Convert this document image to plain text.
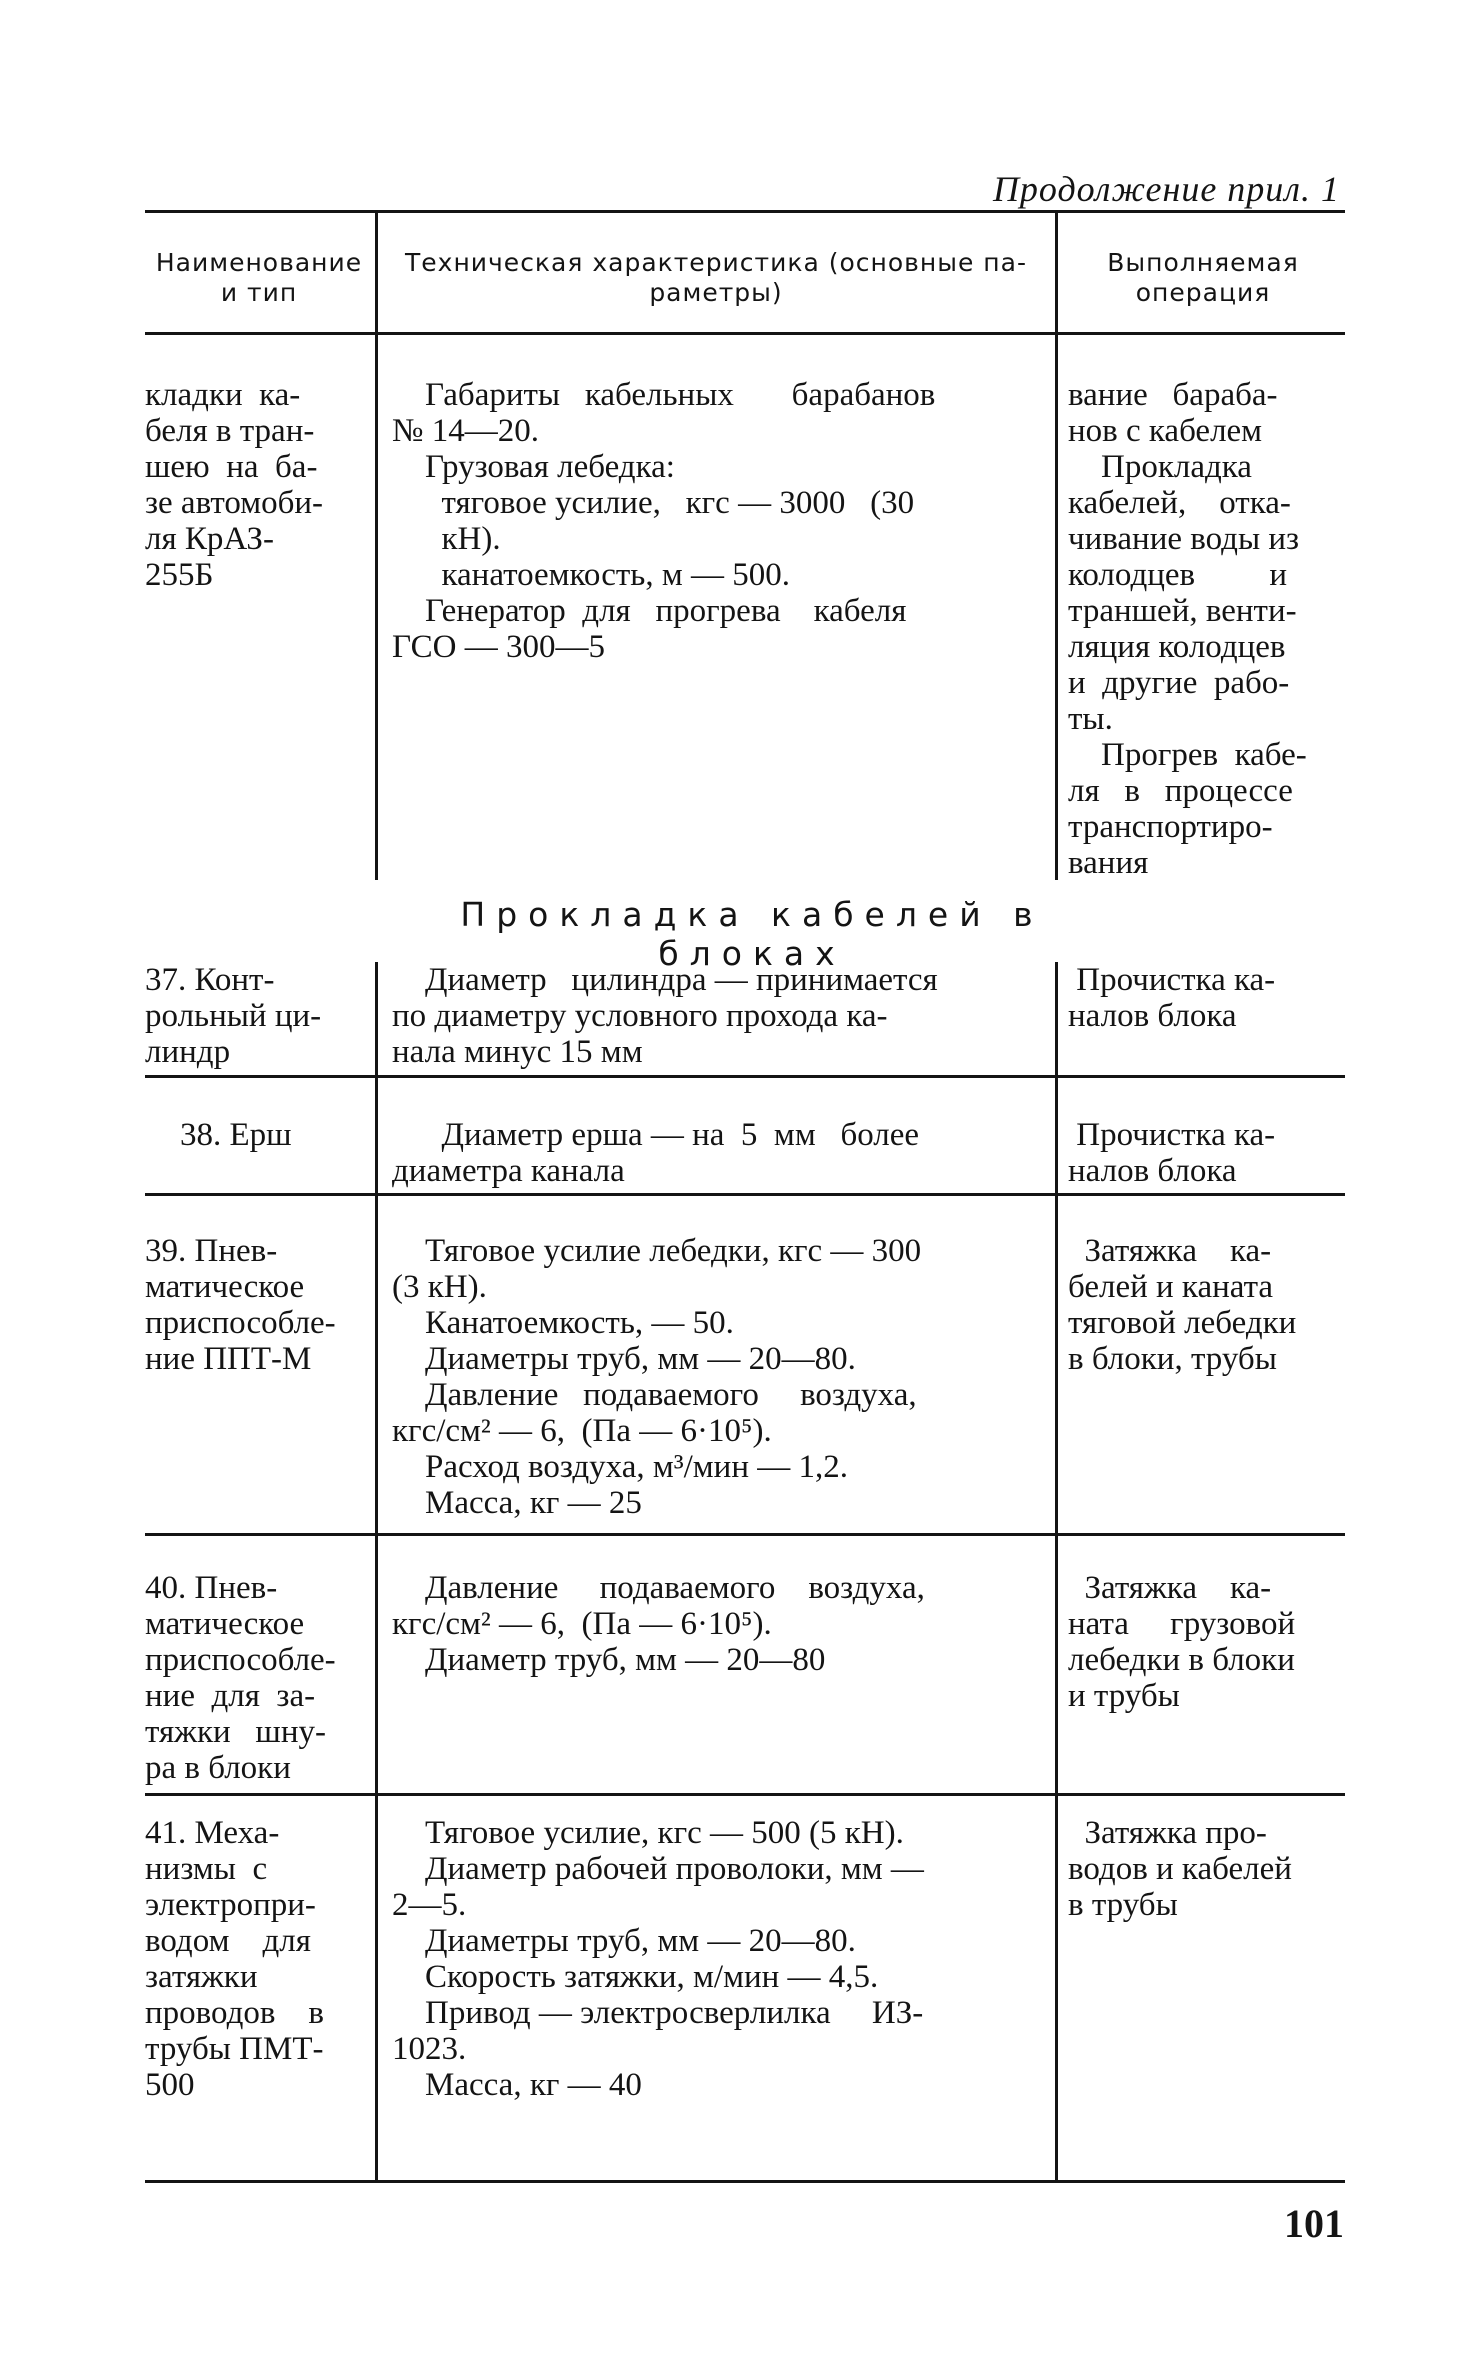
Продолжение прил. 1
Наименование
и тип
Техническая характеристика (основные па-
раметры)
Выполняемая
операция
кладки  ка-
беля в тран-
шею  на  ба-
зе автомоби-
ля КрАЗ-
255Б
Габариты   кабельных       барабанов
№ 14—20.
Грузовая лебедка:
тяговое усилие,   кгс — 3000   (30
кН).
канатоемкость, м — 500.
Генератор  для   прогрева    кабеля
ГСО — 300—5
вание   бараба-
нов с кабелем
Прокладка
кабелей,    отка-
чивание воды из
колодцев         и
траншей, венти-
ляция колодцев
и  другие  рабо-
ты.
Прогрев  кабе-
ля   в   процессе
транспортиро-
вания
Прокладка кабелей в блоках
37. Конт-
рольный ци-
линдр
Диаметр   цилиндра — принимается
по диаметру условного прохода ка-
нала минус 15 мм
Прочистка ка-
налов блока
38. Ерш	Диаметр ерша — на  5  мм   более
диаметра канала
Прочистка ка-
налов блока
39. Пнев-
матическое
приспособле-
ние ППТ-М
Тяговое усилие лебедки, кгс — 300
(3 кН).
Канатоемкость, — 50.
Диаметры труб, мм — 20—80.
Давление   подаваемого     воздуха,
кгс/см² — 6,  (Па — 6·10⁵).
Расход воздуха, м³/мин — 1,2.
Масса, кг — 25
Затяжка    ка-
белей и каната
тяговой лебедки
в блоки, трубы
40. Пнев-
матическое
приспособле-
ние  для  за-
тяжки   шну-
ра в блоки
Давление     подаваемого    воздуха,
кгс/см² — 6,  (Па — 6·10⁵).
Диаметр труб, мм — 20—80
Затяжка    ка-
ната     грузовой
лебедки в блоки
и трубы
41. Меха-
низмы  с
электропри-
водом    для
затяжки
проводов    в
трубы ПМТ-
500
Тяговое усилие, кгс — 500 (5 кН).
Диаметр рабочей проволоки, мм —
2—5.
Диаметры труб, мм — 20—80.
Скорость затяжки, м/мин — 4,5.
Привод — электросверлилка     ИЗ-
1023.
Масса, кг — 40
Затяжка про-
водов и кабелей
в трубы
101
